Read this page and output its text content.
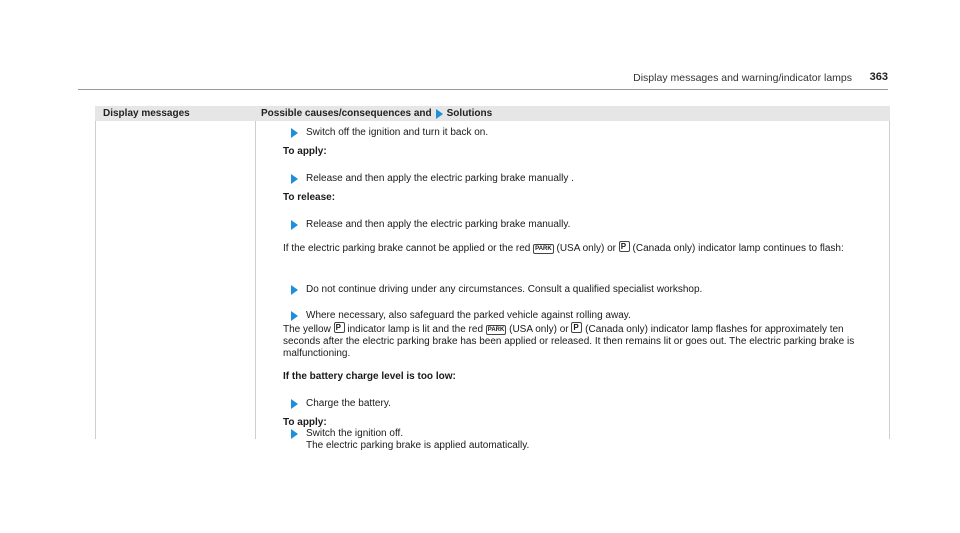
Display messages and warning/indicator lamps 363
Display messages	Possible causes/consequences and Solutions
Switch off the ignition and turn it back on.
To apply:
Release and then apply the electric parking brake manually .
To release:
Release and then apply the electric parking brake manually.
If the electric parking brake cannot be applied or the red PARK (USA only) or P (Canada only) indicator lamp continues to flash:
Do not continue driving under any circumstances. Consult a qualified specialist workshop.
Where necessary, also safeguard the parked vehicle against rolling away.
The yellow P indicator lamp is lit and the red PARK (USA only) or P (Canada only) indicator lamp flashes for approximately ten seconds after the electric parking brake has been applied or released. It then remains lit or goes out. The electric parking brake is malfunctioning.
If the battery charge level is too low:
Charge the battery.
To apply:
Switch the ignition off.
The electric parking brake is applied automatically.
